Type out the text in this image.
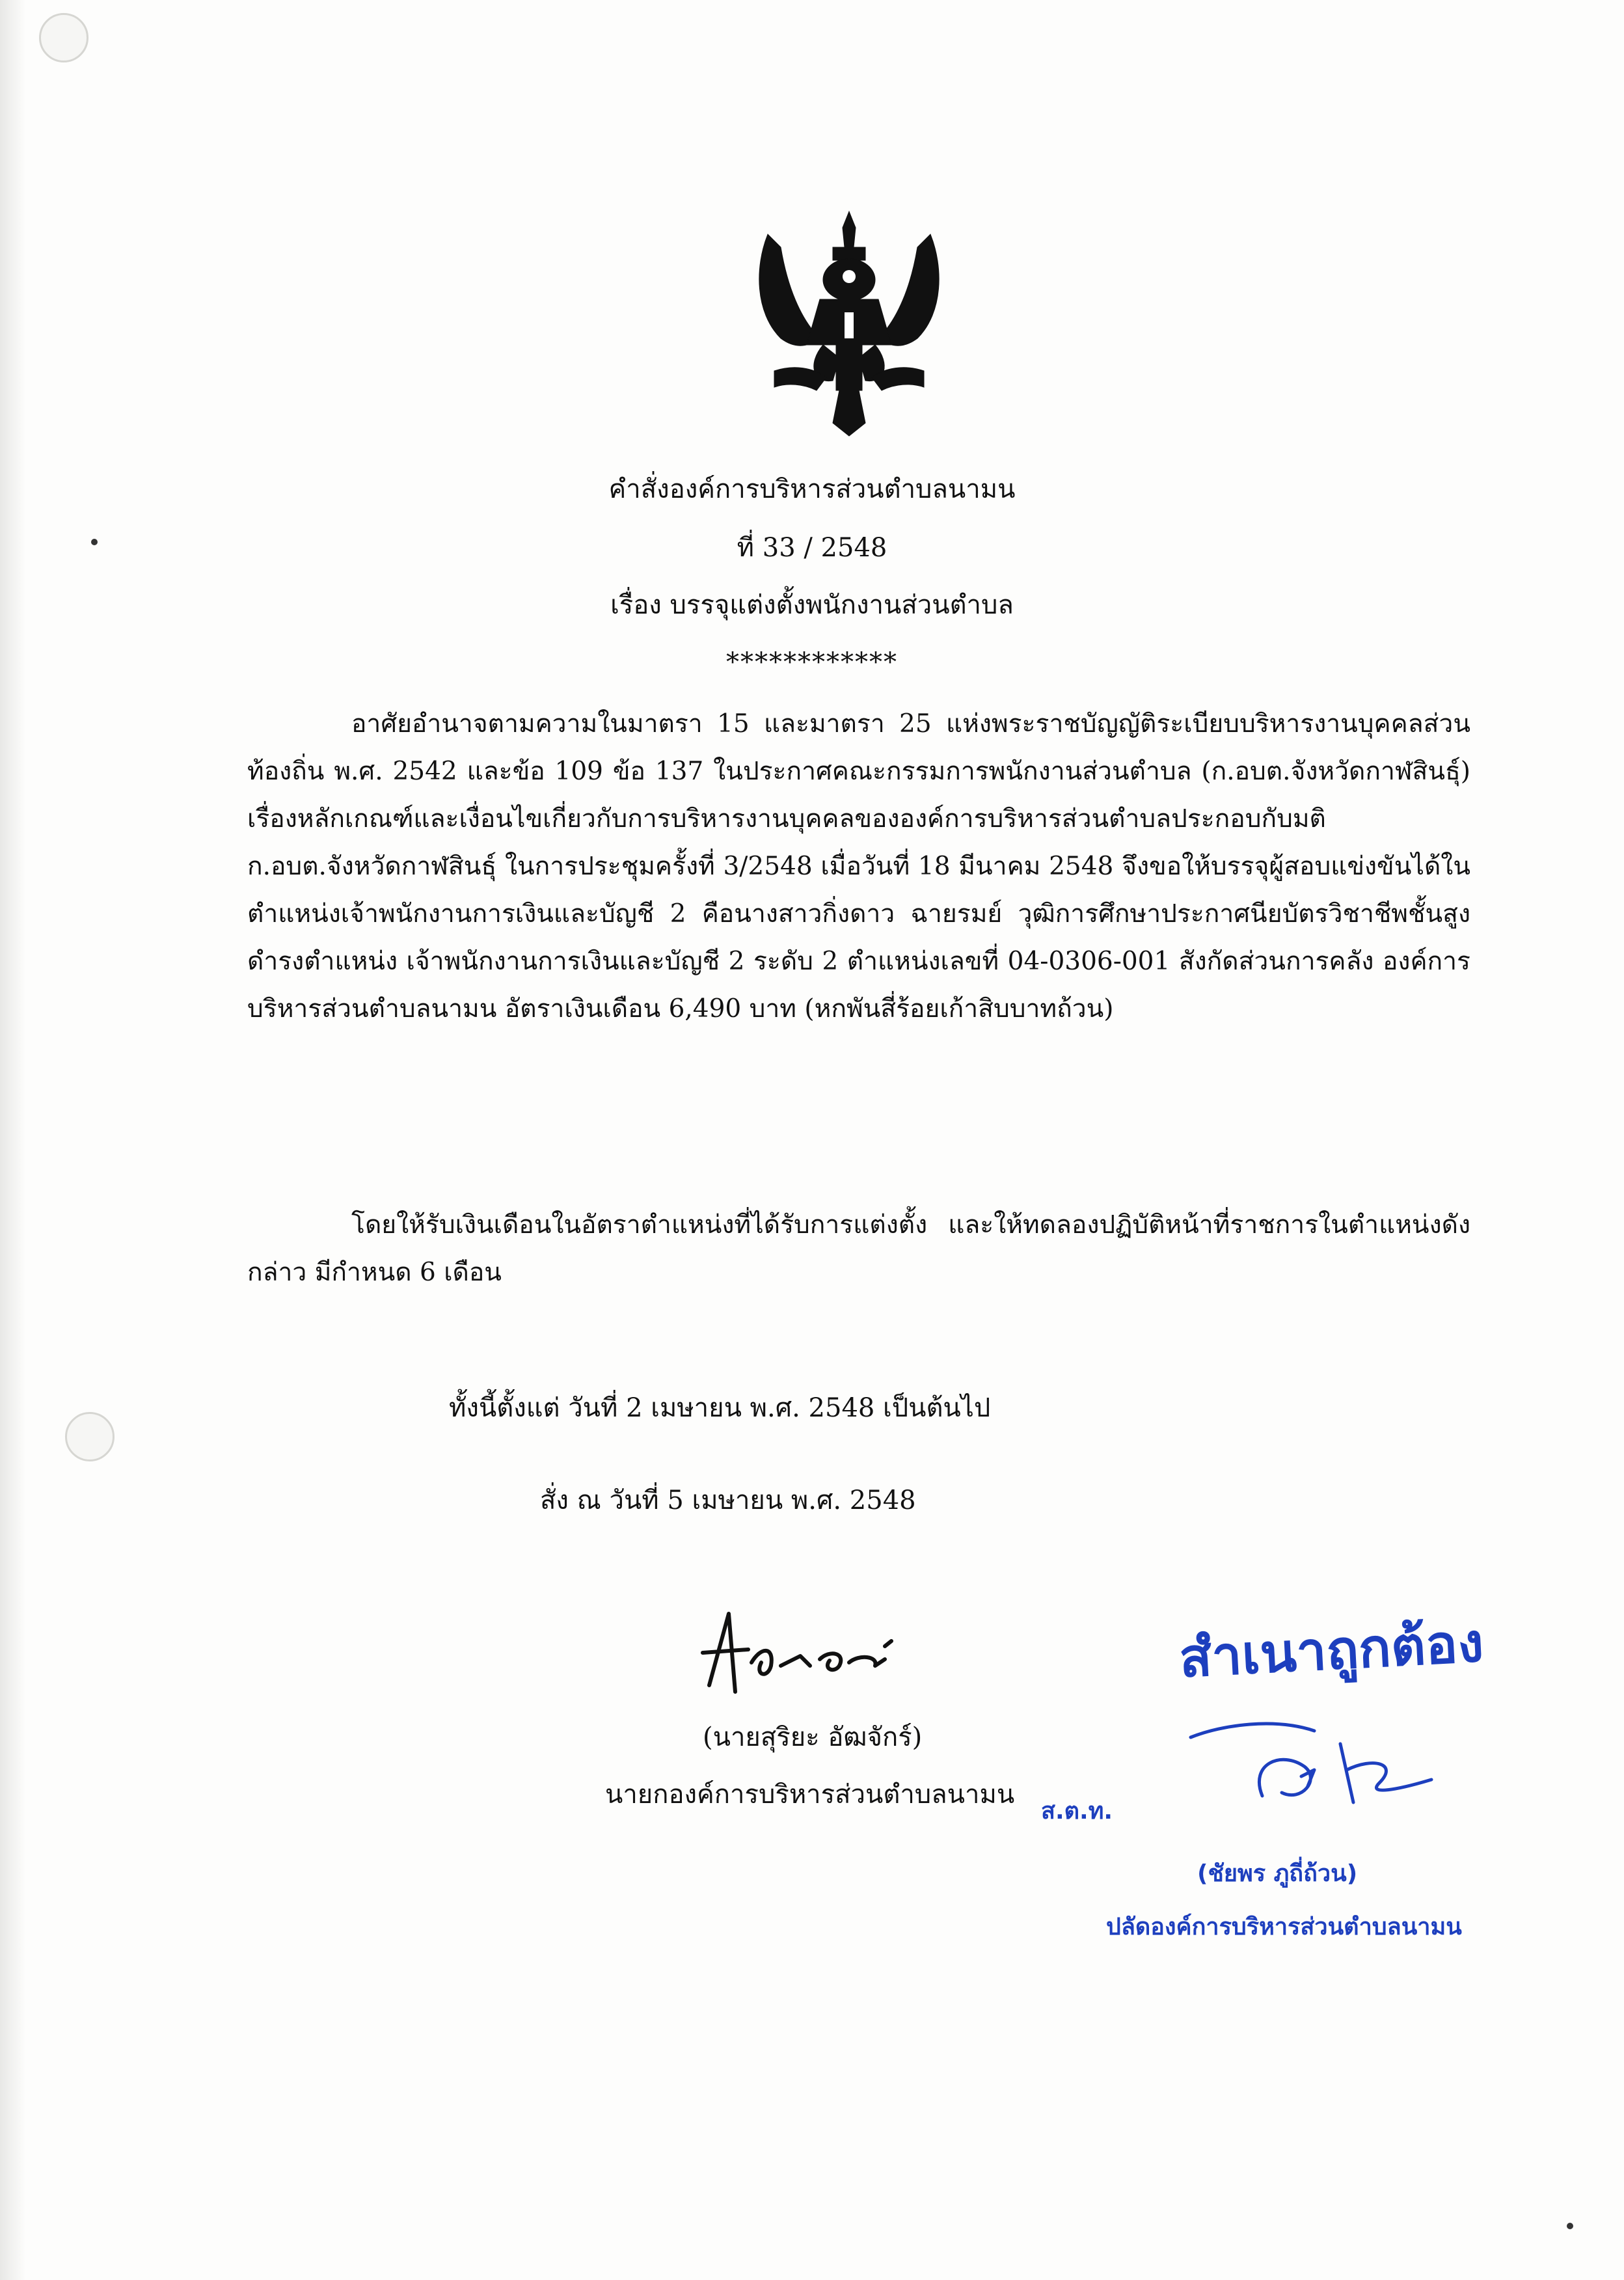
คำสั่งองค์การบริหารส่วนตำบลนามน
ที่ 33 / 2548
เรื่อง บรรจุแต่งตั้งพนักงานส่วนตำบล
************

อาศัยอำนาจตามความในมาตรา 15 และมาตรา 25 แห่งพระราชบัญญัติระเบียบบริหารงานบุคคลส่วนท้องถิ่น พ.ศ. 2542 และข้อ 109 ข้อ 137 ในประกาศคณะกรรมการพนักงานส่วนตำบล (ก.อบต.จังหวัดกาฬสินธุ์) เรื่องหลักเกณฑ์และเงื่อนไขเกี่ยวกับการบริหารงานบุคคลขององค์การบริหารส่วนตำบลประกอบกับมติ ก.อบต.จังหวัดกาฬสินธุ์ ในการประชุมครั้งที่ 3/2548 เมื่อวันที่ 18 มีนาคม 2548 จึงขอให้บรรจุผู้สอบแข่งขันได้ในตำแหน่งเจ้าพนักงานการเงินและบัญชี 2 คือนางสาวกิ่งดาว ฉายรมย์ วุฒิการศึกษาประกาศนียบัตรวิชาชีพชั้นสูง ดำรงตำแหน่ง เจ้าพนักงานการเงินและบัญชี 2 ระดับ 2 ตำแหน่งเลขที่ 04-0306-001 สังกัดส่วนการคลัง องค์การบริหารส่วนตำบลนามน อัตราเงินเดือน 6,490 บาท (หกพันสี่ร้อยเก้าสิบบาทถ้วน)

โดยให้รับเงินเดือนในอัตราตำแหน่งที่ได้รับการแต่งตั้ง และให้ทดลองปฏิบัติหน้าที่ราชการในตำแหน่งดังกล่าว มีกำหนด 6 เดือน

ทั้งนี้ตั้งแต่ วันที่ 2 เมษายน พ.ศ. 2548 เป็นต้นไป
สั่ง ณ วันที่ 5 เมษายน พ.ศ. 2548
(นายสุริยะ อัฒจักร์)
นายกองค์การบริหารส่วนตำบลนามน
สำเนาถูกต้อง
ส.ต.ท.
(ชัยพร ภูถี่ถ้วน)
ปลัดองค์การบริหารส่วนตำบลนามน
